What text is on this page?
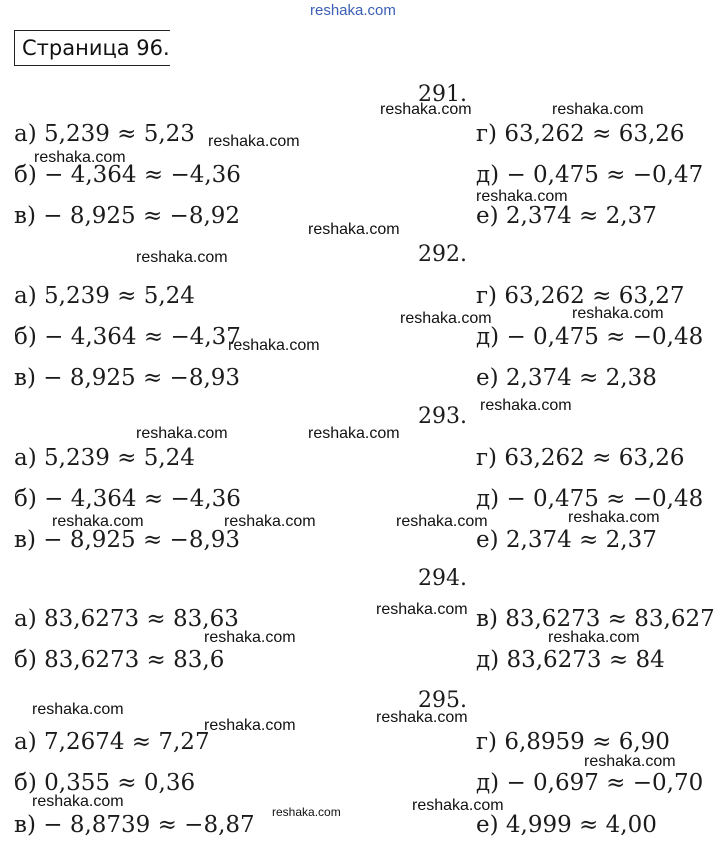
reshaka.com
Страница 96.
291.
а) 5,239 ≈ 5,23
б) − 4,364 ≈ −4,36
в) − 8,925 ≈ −8,92
г) 63,262 ≈ 63,26
д) − 0,475 ≈ −0,47
е) 2,374 ≈ 2,37
292.
а) 5,239 ≈ 5,24
б) − 4,364 ≈ −4,37
в) − 8,925 ≈ −8,93
г) 63,262 ≈ 63,27
д) − 0,475 ≈ −0,48
е) 2,374 ≈ 2,38
293.
а) 5,239 ≈ 5,24
б) − 4,364 ≈ −4,36
в) − 8,925 ≈ −8,93
г) 63,262 ≈ 63,26
д) − 0,475 ≈ −0,48
е) 2,374 ≈ 2,37
294.
а) 83,6273 ≈ 83,63
б) 83,6273 ≈ 83,6
в) 83,6273 ≈ 83,627
д) 83,6273 ≈ 84
295.
а) 7,2674 ≈ 7,27
б) 0,355 ≈ 0,36
в) − 8,8739 ≈ −8,87
г) 6,8959 ≈ 6,90
д) − 0,697 ≈ −0,70
е) 4,999 ≈ 4,00
reshaka.com	reshaka.com
reshaka.com
reshaka.com
reshaka.com
reshaka.com
reshaka.com
reshaka.com
reshaka.com
reshaka.com
reshaka.com
reshaka.com	reshaka.com
reshaka.com
reshaka.com	reshaka.com	reshaka.com
reshaka.com
reshaka.com	reshaka.com
reshaka.com	reshaka.com
reshaka.com
reshaka.com
reshaka.com	reshaka.com
reshaka.com
